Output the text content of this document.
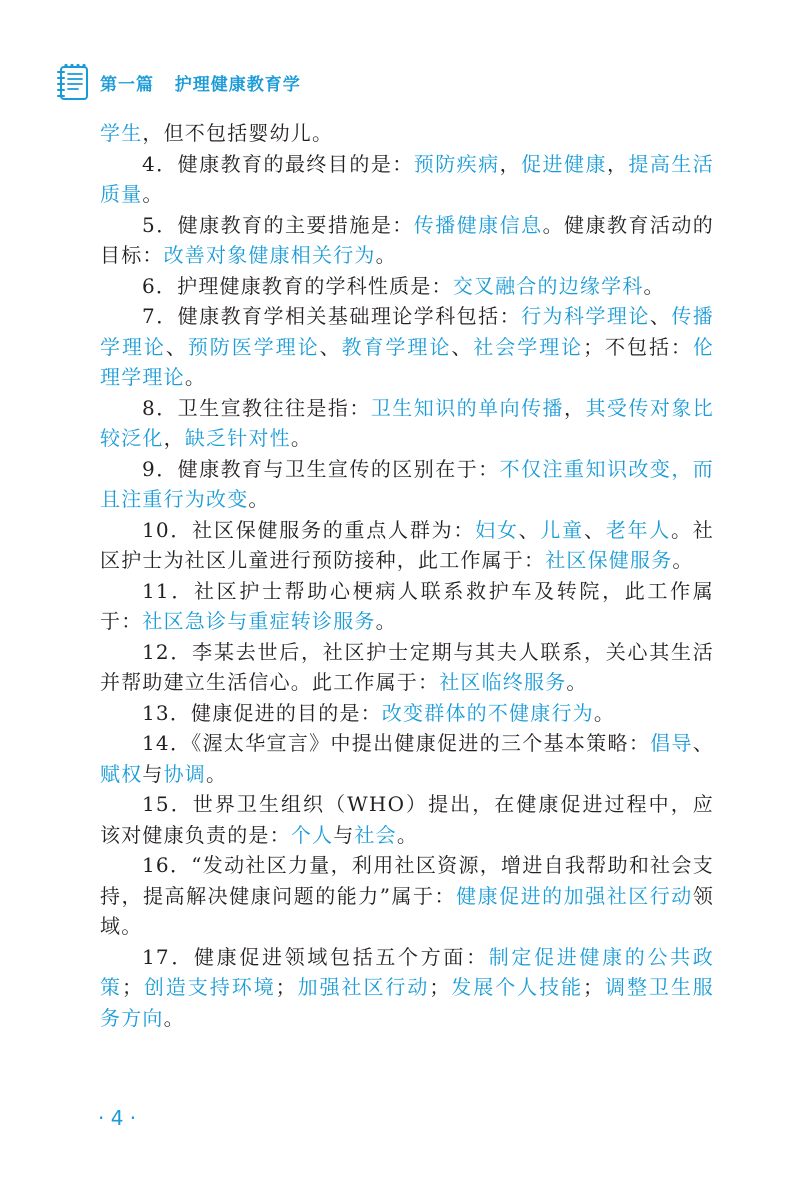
第一篇   护理健康教育学

学生，但不包括婴幼儿。

4．健康教育的最终目的是：预防疾病，促进健康，提高生活质量。

5．健康教育的主要措施是：传播健康信息。健康教育活动的目标：改善对象健康相关行为。

6．护理健康教育的学科性质是：交叉融合的边缘学科。

7．健康教育学相关基础理论学科包括：行为科学理论、传播学理论、预防医学理论、教育学理论、社会学理论；不包括：伦理学理论。

8．卫生宣教往往是指：卫生知识的单向传播，其受传对象比较泛化，缺乏针对性。

9．健康教育与卫生宣传的区别在于：不仅注重知识改变，而且注重行为改变。

10．社区保健服务的重点人群为：妇女、儿童、老年人。社区护士为社区儿童进行预防接种，此工作属于：社区保健服务。

11．社区护士帮助心梗病人联系救护车及转院，此工作属于：社区急诊与重症转诊服务。

12．李某去世后，社区护士定期与其夫人联系，关心其生活并帮助建立生活信心。此工作属于：社区临终服务。

13．健康促进的目的是：改变群体的不健康行为。

14．《渥太华宣言》中提出健康促进的三个基本策略：倡导、赋权与协调。

15．世界卫生组织（WHO）提出，在健康促进过程中，应该对健康负责的是：个人与社会。

16．“发动社区力量，利用社区资源，增进自我帮助和社会支持，提高解决健康问题的能力”属于：健康促进的加强社区行动领域。

17．健康促进领域包括五个方面：制定促进健康的公共政策；创造支持环境；加强社区行动；发展个人技能；调整卫生服务方向。

· 4 ·
